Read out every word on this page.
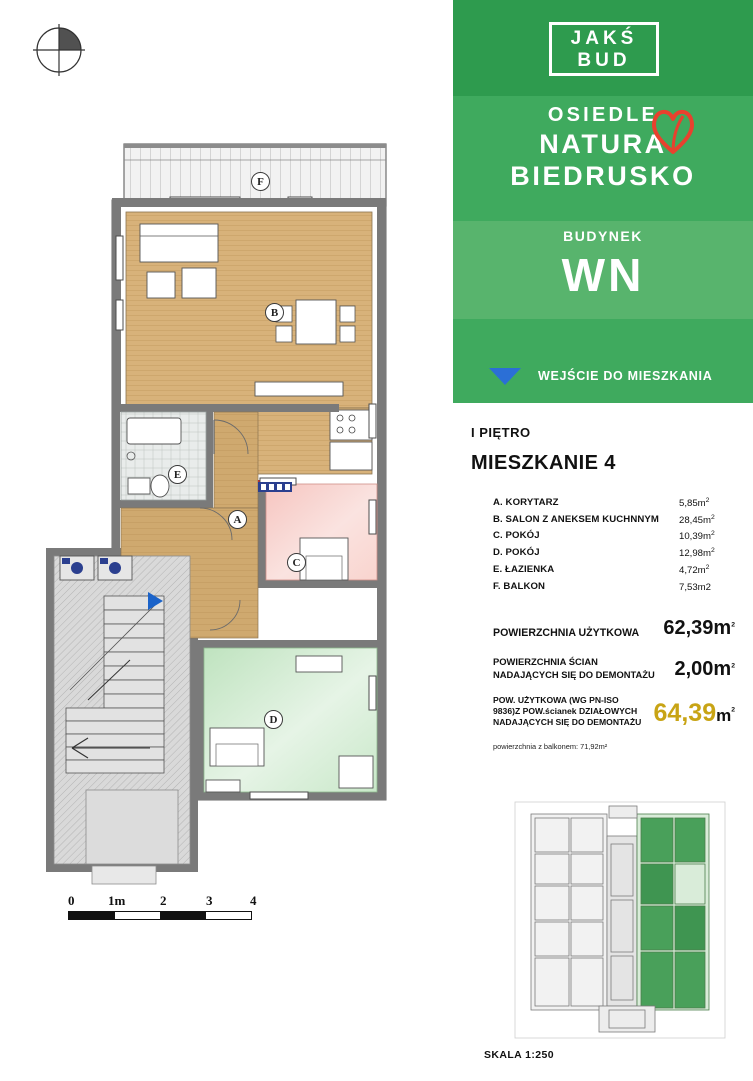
F
B
E
A
C
D
0	1m	2	3	4
JAKŚ
BUD
OSIEDLE
NATURA
BIEDRUSKO
BUDYNEK
WN
WEJŚCIE DO MIESZKANIA
I PIĘTRO
MIESZKANIE 4
A. KORYTARZ	$5,85m^2$
B. SALON Z ANEKSEM KUCHNNYM	$28,45m^2$
C. POKÓJ	$10,39m^2$
D. POKÓJ	$12,98m^2$
E. ŁAZIENKA	$4,72m^2$
F. BALKON	7,53m2
POWIERZCHNIA UŻYTKOWA	$62,39m^2$
POWIERZCHNIA ŚCIAN
NADAJĄCYCH SIĘ DO DEMONTAŻU $2,00m^2$
POW. UŻYTKOWA (WG PN-ISO
9836)Z POW.ścianek DZIAŁOWYCH
NADAJĄCYCH SIĘ DO DEMONTAŻU $64,39m^2$
powierzchnia z balkonem: 71,92m²
SKALA 1:250
